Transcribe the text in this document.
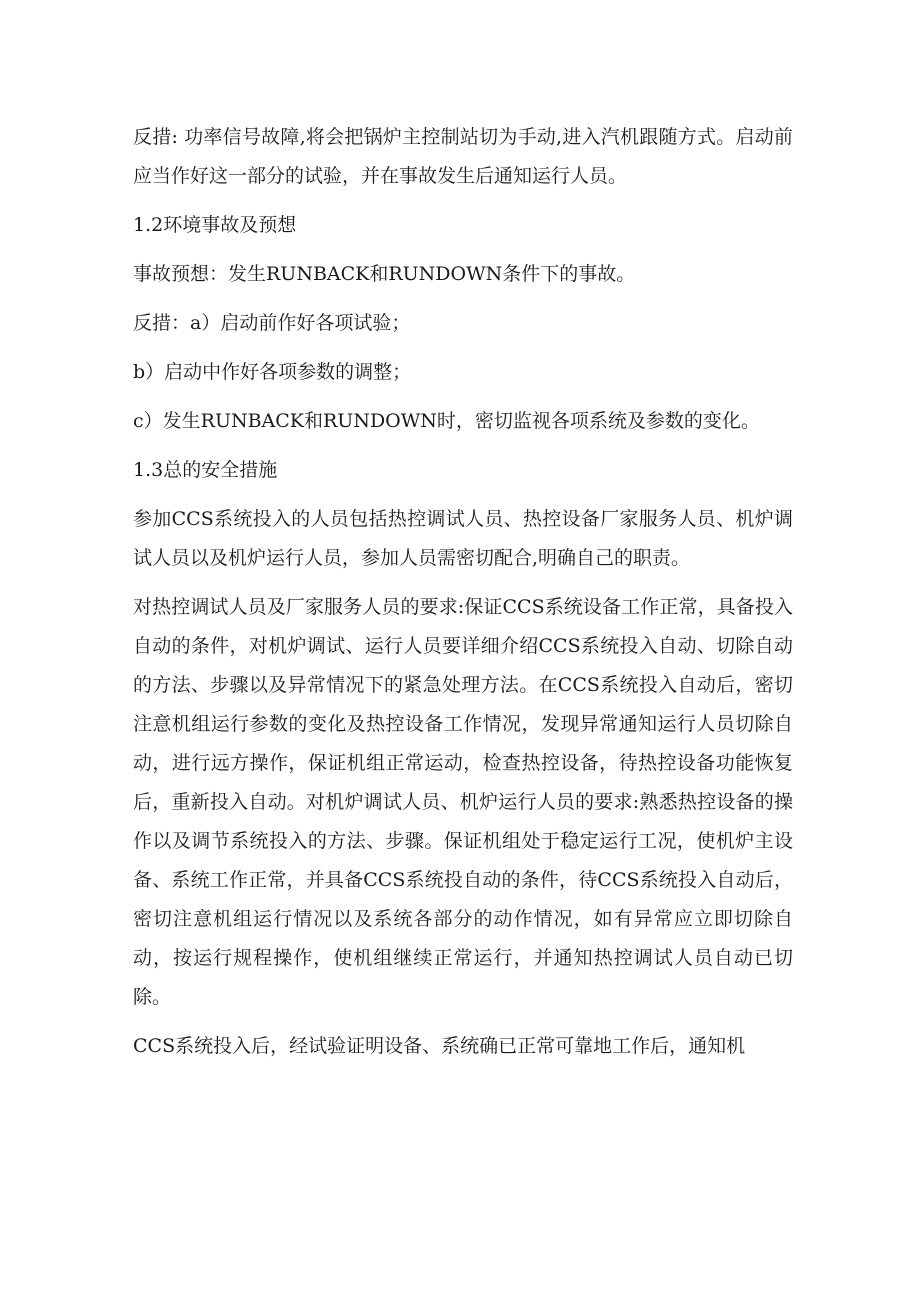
反措: 功率信号故障,将会把锅炉主控制站切为手动,进入汽机跟随方式。启动前应当作好这一部分的试验，并在事故发生后通知运行人员。

1.2环境事故及预想

事故预想：发生RUNBACK和RUNDOWN条件下的事故。

反措：a）启动前作好各项试验；

b）启动中作好各项参数的调整；

c）发生RUNBACK和RUNDOWN时，密切监视各项系统及参数的变化。

1.3总的安全措施

参加CCS系统投入的人员包括热控调试人员、热控设备厂家服务人员、机炉调试人员以及机炉运行人员，参加人员需密切配合,明确自己的职责。

对热控调试人员及厂家服务人员的要求:保证CCS系统设备工作正常，具备投入自动的条件，对机炉调试、运行人员要详细介绍CCS系统投入自动、切除自动的方法、步骤以及异常情况下的紧急处理方法。在CCS系统投入自动后，密切注意机组运行参数的变化及热控设备工作情况，发现异常通知运行人员切除自动，进行远方操作，保证机组正常运动，检查热控设备，待热控设备功能恢复后，重新投入自动。对机炉调试人员、机炉运行人员的要求:熟悉热控设备的操作以及调节系统投入的方法、步骤。保证机组处于稳定运行工况，使机炉主设备、系统工作正常，并具备CCS系统投自动的条件，待CCS系统投入自动后，密切注意机组运行情况以及系统各部分的动作情况，如有异常应立即切除自动，按运行规程操作，使机组继续正常运行，并通知热控调试人员自动已切除。

CCS系统投入后，经试验证明设备、系统确已正常可靠地工作后，通知机
